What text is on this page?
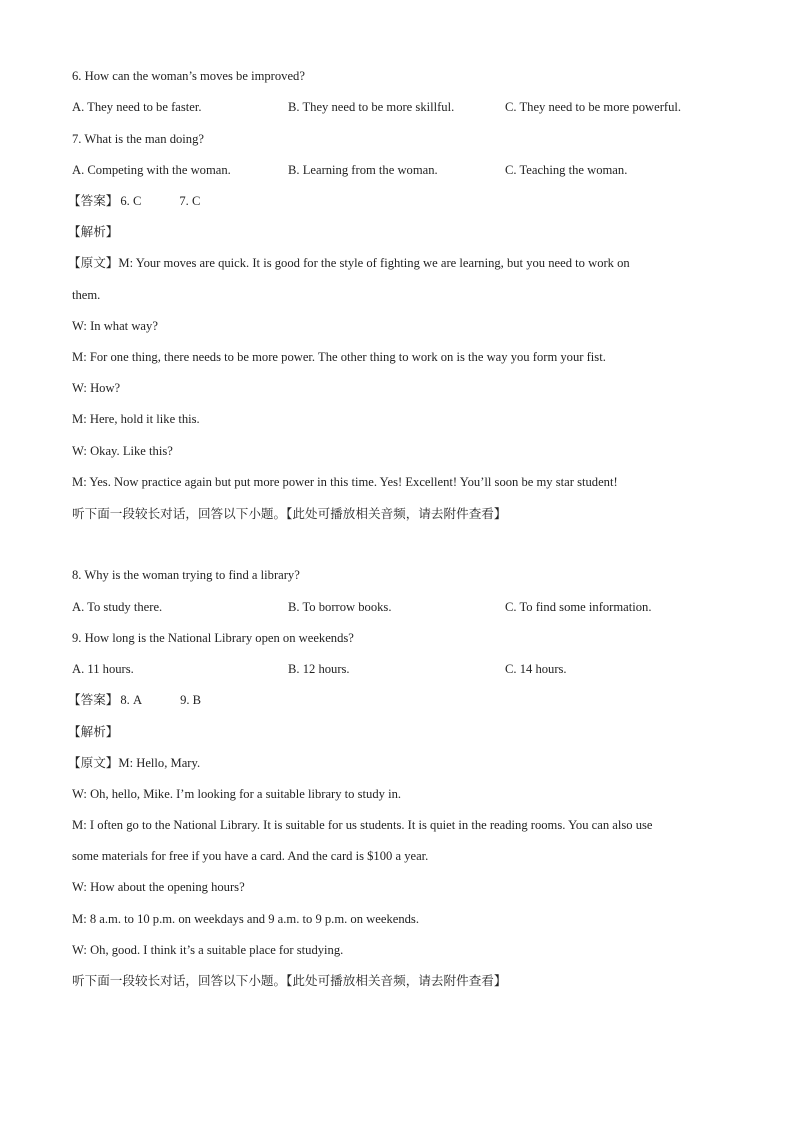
6. How can the woman’s moves be improved?

A. They need to be faster.	B. They need to be more skillful.	C. They need to be more powerful.

7. What is the man doing?

A. Competing with the woman.	B. Learning from the woman.	C. Teaching the woman.

【答案】 6. C	7. C

【解析】

【原文】M: Your moves are quick. It is good for the style of fighting we are learning, but you need to work on

them.

W: In what way?

M: For one thing, there needs to be more power. The other thing to work on is the way you form your fist.

W: How?

M: Here, hold it like this.

W: Okay. Like this?

M: Yes. Now practice again but put more power in this time. Yes! Excellent! You’ll soon be my star student!

听下面一段较长对话，回答以下小题。【此处可播放相关音频，请去附件查看】

8. Why is the woman trying to find a library?

A. To study there.	B. To borrow books.	C. To find some information.

9. How long is the National Library open on weekends?

A. 11 hours.	B. 12 hours.	C. 14 hours.

【答案】 8. A	9. B

【解析】

【原文】M: Hello, Mary.

W: Oh, hello, Mike. I’m looking for a suitable library to study in.

M: I often go to the National Library. It is suitable for us students. It is quiet in the reading rooms. You can also use

some materials for free if you have a card. And the card is $100 a year.

W: How about the opening hours?

M: 8 a.m. to 10 p.m. on weekdays and 9 a.m. to 9 p.m. on weekends.

W: Oh, good. I think it’s a suitable place for studying.

听下面一段较长对话，回答以下小题。【此处可播放相关音频，请去附件查看】
